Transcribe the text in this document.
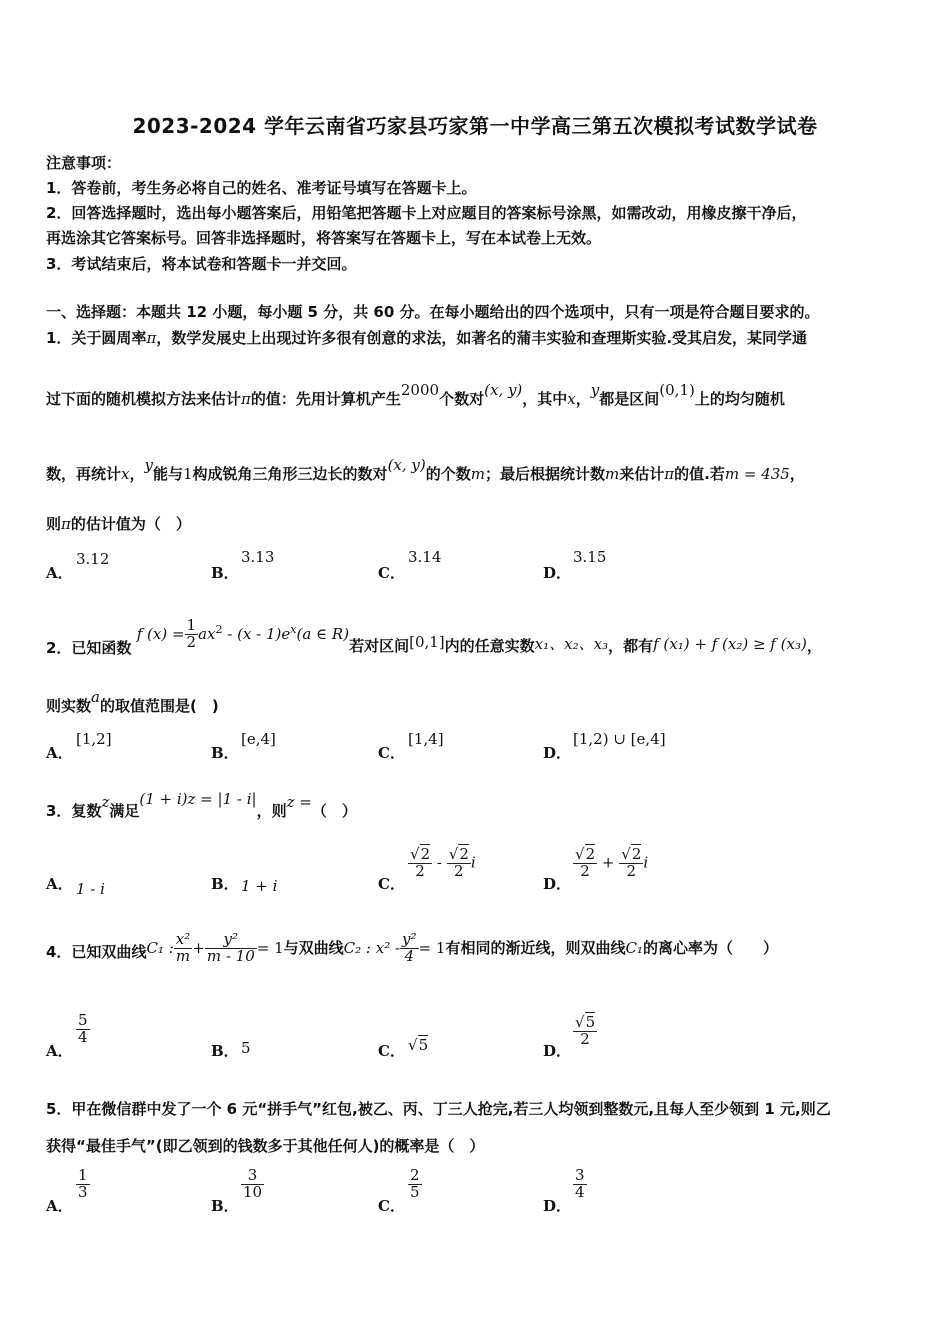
2023-2024 学年云南省巧家县巧家第一中学高三第五次模拟考试数学试卷
注意事项：
1．答卷前，考生务必将自己的姓名、准考证号填写在答题卡上。
2．回答选择题时，选出每小题答案后，用铅笔把答题卡上对应题目的答案标号涂黑，如需改动，用橡皮擦干净后，
再选涂其它答案标号。回答非选择题时，将答案写在答题卡上，写在本试卷上无效。
3．考试结束后，将本试卷和答题卡一并交回。
一、选择题：本题共 12 小题，每小题 5 分，共 60 分。在每小题给出的四个选项中，只有一项是符合题目要求的。
1．关于圆周率π，数学发展史上出现过许多很有创意的求法，如著名的蒲丰实验和查理斯实验.受其启发，某同学通
过下面的随机模拟方法来估计π的值：先用计算机产生2000个数对(x, y)，其中x，y都是区间(0,1)上的均匀随机
数，再统计x，y能与1构成锐角三角形三边长的数对(x, y)的个数m；最后根据统计数m来估计π的值.若m = 435，
则π的估计值为（　）
A．
3.12
B．
3.13
C．
3.14
D．
3.15
2．已知函数 f $(x) = \frac{1}{2} ax^2 - (x - 1)e^x(a$ ∈ R)若对区间[0,1]内的任意实数x₁、x₂、x₃，都有f (x₁) + f (x₂) ≥ f (x₃)，
则实数a的取值范围是(　)
A．
[1,2]
B．
[e,4]
C．
[1,4]
D．
[1,2) ∪ [e,4]
3．复数z满足(1 + i)z = |1 - i|，则z =（　）
A． 1 - i	B． 1 + i	C．
$\frac{√2}{2} - \frac{√2}{2}$ i
D．
$\frac{√2}{2} + \frac{√2}{2}$ i
4．已知双曲线C₁ : $\frac{\text{x²}}{m} + \frac{\text{y²}}{m - 10} = 1$与双曲线C₂ : $x^2 - \frac{\text{y²}}{4} = 1$有相同的渐近线，则双曲线C₁的离心率为（　　）
A．
$\frac{5}{4}$
B． 5	C． √5	D．
$\frac{√5}{2}$
5．甲在微信群中发了一个 6 元“拼手气”红包,被乙、丙、丁三人抢完,若三人均领到整数元,且每人至少领到 1 元,则乙
获得“最佳手气”(即乙领到的钱数多于其他任何人)的概率是（　）
A．
$\frac{1}{3}$
B．
$\frac{3}{10}$
C．
$\frac{2}{5}$
D．
$\frac{3}{4}$
